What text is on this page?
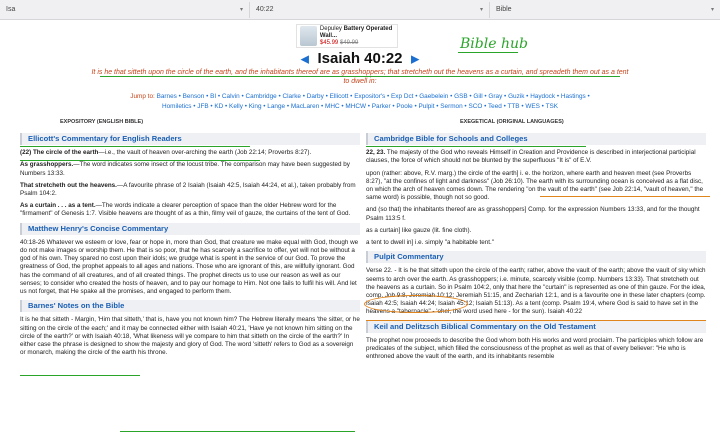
Isa	▾ 40:22	▾ Bible	▾
Depuley Battery Operated Wall...
$45.99 $49.99	Bible hub
◀ Isaiah 40:22 ▶
It is he that sitteth upon the circle of the earth, and the inhabitants thereof are as grasshoppers; that stretcheth out the heavens as a curtain, and spreadeth them out as a tent to dwell in:
Jump to: Barnes • Benson • BI • Calvin • Cambridge • Clarke • Darby • Ellicott • Expositor's • Exp Dct • Gaebelein • GSB • Gill • Gray • Guzik • Haydock • Hastings •
Homiletics • JFB • KD • Kelly • King • Lange • MacLaren • MHC • MHCW • Parker • Poole • Pulpit • Sermon • SCO • Teed • TTB • WES • TSK
EXPOSITORY (ENGLISH BIBLE)	EXEGETICAL (ORIGINAL LANGUAGES)
Ellicott's Commentary for English Readers
(22) The circle of the earth—i.e., the vault of heaven over-arching the earth (Job 22:14; Proverbs 8:27).
As grasshoppers.—The word indicates some insect of the locust tribe. The comparison may have been suggested by Numbers 13:33.
That stretcheth out the heavens.—A favourite phrase of 2 Isaiah (Isaiah 42:5, Isaiah 44:24, et al.), taken probably from Psalm 104:2.
As a curtain . . . as a tent.—The words indicate a clearer perception of space than the older Hebrew word for the "firmament" of Genesis 1:7. Visible heavens are thought of as a thin, filmy veil of gauze, the curtains of the tent of God.
Matthew Henry's Concise Commentary
40:18-26 Whatever we esteem or love, fear or hope in, more than God, that creature we make equal with God, though we do not make images or worship them. He that is so poor, that he has scarcely a sacrifice to offer, yet will not be without a god of his own. They spared no cost upon their idols; we grudge what is spent in the service of our God. To prove the greatness of God, the prophet appeals to all ages and nations. Those who are ignorant of this, are willfully ignorant. God has the command of all creatures, and of all created things. The prophet directs us to use our reason as well as our senses; to consider who created the hosts of heaven, and to pay our homage to Him. Not one fails to fulfil his will. And let us not forget, that He spake all the promises, and engaged to perform them.
Barnes' Notes on the Bible
It is he that sitteth - Margin, 'Him that sitteth,' that is, have you not known him? The Hebrew literally means 'the sitter, or he sitting on the circle of the each;' and it may be connected either with Isaiah 40:21, 'Have ye not known him sitting on the circle of the earth?' or with Isaiah 40:18, 'What likeness will ye compare to him that sitteth on the circle of the earth?' In either case the phrase is designed to show the majesty and glory of God. The word 'sitteth' refers to God as a sovereign or monarch, making the circle of the earth his throne.
Cambridge Bible for Schools and Colleges
22, 23. The majesty of the God who reveals Himself in Creation and Providence is described in interjectional participial clauses, the force of which should not be blunted by the superfluous "It is" of E.V.
upon (rather: above, R.V. marg.) the circle of the earth] i. e. the horizon, where earth and heaven meet (see Proverbs 8:27), "at the confines of light and darkness" (Job 26:10). The earth with its surrounding ocean is conceived as a flat disc, on which the arch of heaven comes down. The rendering "on the vault of the earth" (see Job 22:14, "vault of heaven," the same word) is possible, though not so good.
and (so that) the inhabitants thereof are as grasshoppers] Comp. for the expression Numbers 13:33, and for the thought Psalm 113:5 f.
as a curtain] like gauze (lit. fine cloth).
a tent to dwell in] i.e. simply "a habitable tent."
Pulpit Commentary
Verse 22. - It is he that sitteth upon the circle of the earth; rather, above the vault of the earth; above the vault of sky which seems to arch over the earth. As grasshoppers; i.e. minute, scarcely visible (comp. Numbers 13:33). That stretcheth out the heavens as a curtain. So in Psalm 104:2, only that here the "curtain" is represented as one of thin gauze. For the idea, comp. Job 9:8, Jeremiah 10:12; Jeremiah 51:15, and Zechariah 12:1, and is a favourite one in these later chapters (comp. Isaiah 42:5; Isaiah 44:24; Isaiah 45:12; Isaiah 51:13). As a tent (comp. Psalm 19:4, where God is said to have set in the heavens a "tabernacle" - 'ohel, the word used here - for the sun). Isaiah 40:22
Keil and Delitzsch Biblical Commentary on the Old Testament
The prophet now proceeds to describe the God whom both His works and word proclaim. The participles which follow are predicates of the subject, which filled the consciousness of the prophet as well as that of every believer: "He who is enthroned above the vault of the earth, and its inhabitants resemble
